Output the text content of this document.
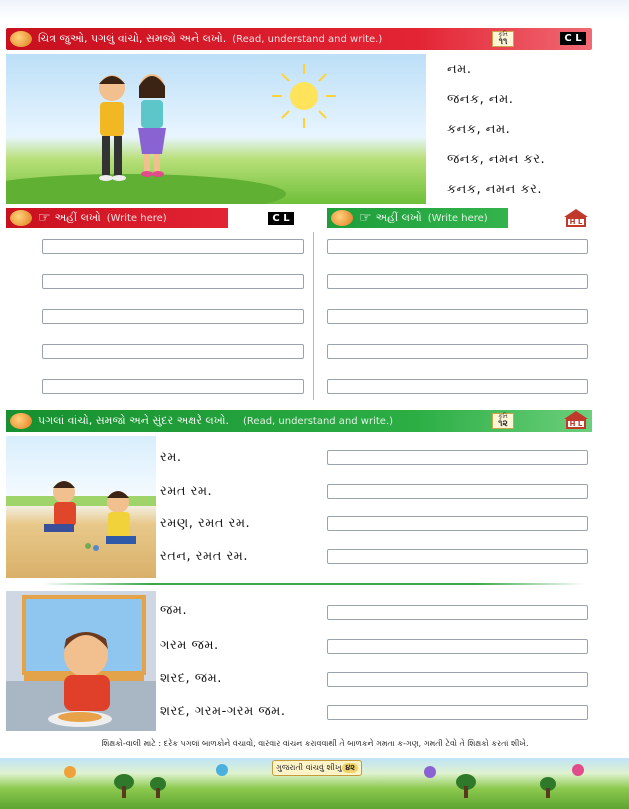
ચિત્ર જુઓ, પગલું વાંચો, સમજો અને લખો. (Read, understand and write.)	કૃતિ
૧૧	C L
નમ.
જનક, નમ.
કનક, નમ.
જનક, નમન કર.
કનક, નમન કર.
☞ અહીં લખો (Write here)	C L	☞ અહીં લખો (Write here)	H L
પગલાં વાંચો, સમજો અને સુંદર અક્ષરે લખો. (Read, understand and write.)	કૃતિ
૧૨	H L
રમ.
રમત રમ.
રમણ, રમત રમ.
રતન, રમત રમ.
જમ.
ગરમ જમ.
શરદ, જમ.
શરદ, ગરમ-ગરમ જમ.
શિક્ષકો-વાલી માટે : દરેક પગલાં બાળકોને વંચાવો, વારંવાર વાંચન કરાવવાથી તે બાળકને ગમતા ક-ગણ, ગમતી ટેવો તે શિક્ષકો કરતાં શીખે.
ગુજરાતી વાંચવું શીખુ ૪૨
